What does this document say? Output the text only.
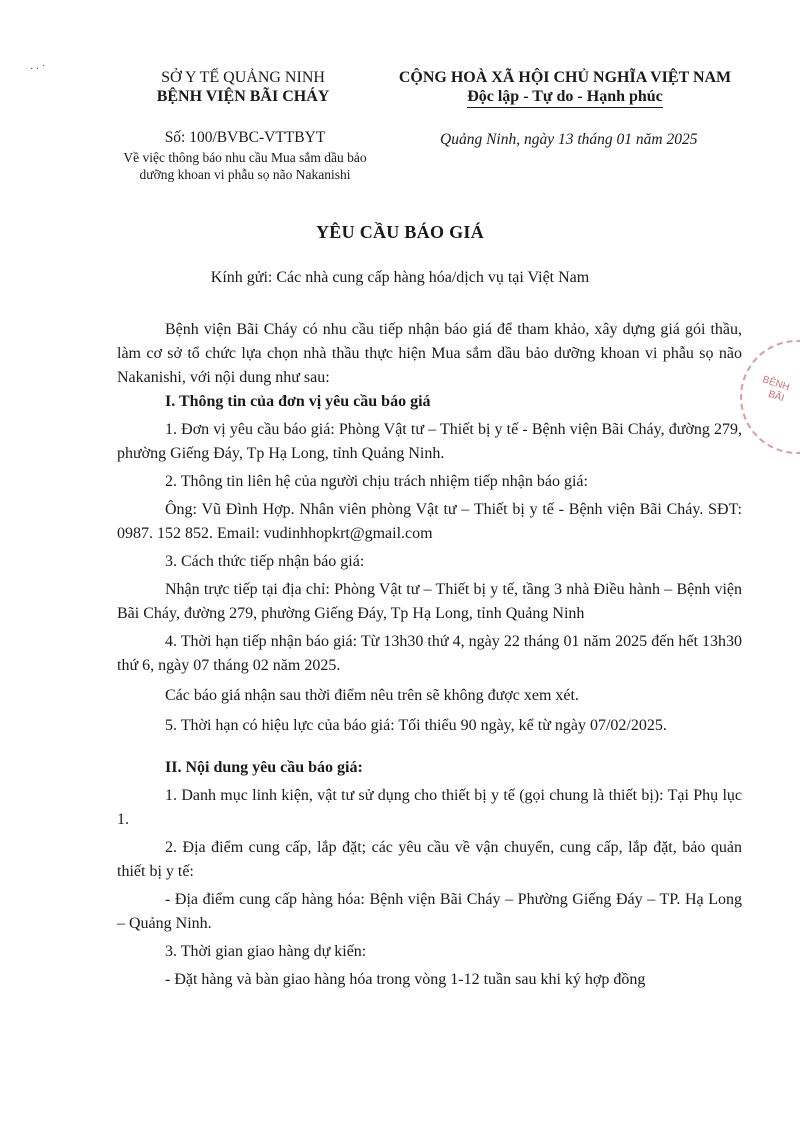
· · ˙	SỞ Y TẾ QUẢNG NINH
BỆNH VIỆN BÃI CHÁY
CỘNG HOÀ XÃ HỘI CHỦ NGHĨA VIỆT NAM
Độc lập - Tự do - Hạnh phúc
Số: 100/BVBC-VTTBYT
Về việc thông báo nhu cầu Mua sắm dầu bảo
dưỡng khoan vi phẫu sọ não Nakanishi
Quảng Ninh, ngày 13 tháng 01 năm 2025
YÊU CẦU BÁO GIÁ
Kính gửi: Các nhà cung cấp hàng hóa/dịch vụ tại Việt Nam

Bệnh viện Bãi Cháy có nhu cầu tiếp nhận báo giá để tham khảo, xây dựng giá gói thầu, làm cơ sở tổ chức lựa chọn nhà thầu thực hiện Mua sắm dầu bảo dưỡng khoan vi phẫu sọ não Nakanishi, với nội dung như sau:

I. Thông tin của đơn vị yêu cầu báo giá

1. Đơn vị yêu cầu báo giá: Phòng Vật tư – Thiết bị y tế - Bệnh viện Bãi Cháy, đường 279, phường Giếng Đáy, Tp Hạ Long, tỉnh Quảng Ninh.

2. Thông tin liên hệ của người chịu trách nhiệm tiếp nhận báo giá:

Ông: Vũ Đình Hợp. Nhân viên phòng Vật tư – Thiết bị y tế - Bệnh viện Bãi Cháy. SĐT: 0987. 152 852. Email: vudinhhopkrt@gmail.com

3. Cách thức tiếp nhận báo giá:

Nhận trực tiếp tại địa chỉ: Phòng Vật tư – Thiết bị y tế, tầng 3 nhà Điều hành – Bệnh viện Bãi Cháy, đường 279, phường Giếng Đáy, Tp Hạ Long, tỉnh Quảng Ninh

4. Thời hạn tiếp nhận báo giá: Từ 13h30 thứ 4, ngày 22 tháng 01 năm 2025 đến hết 13h30 thứ 6, ngày 07 tháng 02 năm 2025.

Các báo giá nhận sau thời điểm nêu trên sẽ không được xem xét.

5. Thời hạn có hiệu lực của báo giá: Tối thiểu 90 ngày, kể từ ngày 07/02/2025.

II. Nội dung yêu cầu báo giá:

1. Danh mục linh kiện, vật tư sử dụng cho thiết bị y tế (gọi chung là thiết bị): Tại Phụ lục 1.

2. Địa điểm cung cấp, lắp đặt; các yêu cầu về vận chuyển, cung cấp, lắp đặt, bảo quản thiết bị y tế:

- Địa điểm cung cấp hàng hóa: Bệnh viện Bãi Cháy – Phường Giếng Đáy – TP. Hạ Long – Quảng Ninh.

3. Thời gian giao hàng dự kiến:

- Đặt hàng và bàn giao hàng hóa trong vòng 1-12 tuần sau khi ký hợp đồng

BỆNH
BÃI
